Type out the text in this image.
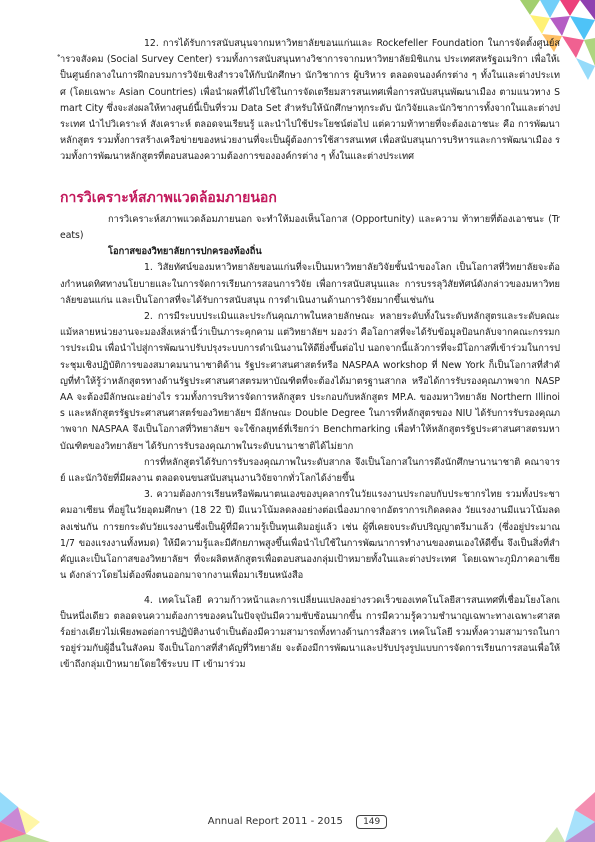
12. การได้รับการสนับสนุนจากมหาวิทยาลัยขอนแก่นและ Rockefeller Foundation ในการจัดตั้งศูนย์สำรวจสังคม (Social Survey Center) รวมทั้งการสนับสนุนทางวิชาการจากมหาวิทยาลัยมิชิแกน ประเทศสหรัฐอเมริกา เพื่อให้เป็นศูนย์กลางในการฝึกอบรมการวิจัยเชิงสำรวจให้กับนักศึกษา นักวิชาการ ผู้บริหาร ตลอดจนองค์กรต่าง ๆ ทั้งในและต่างประเทศ (โดยเฉพาะ Asian Countries) เพื่อนำผลที่ได้ไปใช้ในการจัดเตรียมสารสนเทศเพื่อการสนับสนุนพัฒนาเมือง ตามแนวทาง Smart City ซึ่งจะส่งผลให้ทางศูนย์นี้เป็นที่รวม Data Set สำหรับให้นักศึกษาทุกระดับ นักวิจัยและนักวิชาการทั้งจากในและต่างประเทศ นำไปวิเคราะห์ สังเคราะห์ ตลอดจนเรียนรู้ และนำไปใช้ประโยชน์ต่อไป แต่ความท้าทายที่จะต้องเอาชนะ คือ การพัฒนาหลักสูตร รวมทั้งการสร้างเครือข่ายของหน่วยงานที่จะเป็นผู้ต้องการใช้สารสนเทศ เพื่อสนับสนุนการบริหารและการพัฒนาเมือง รวมทั้งการพัฒนาหลักสูตรที่ตอบสนองความต้องการขององค์กรต่าง ๆ ทั้งในและต่างประเทศ

การวิเคราะห์สภาพแวดล้อมภายนอก

การวิเคราะห์สภาพแวดล้อมภายนอก จะทำให้มองเห็นโอกาส (Opportunity) และความ ท้าทายที่ต้องเอาชนะ (Treats)

โอกาสของวิทยาลัยการปกครองท้องถิ่น

1. วิสัยทัศน์ของมหาวิทยาลัยขอนแก่นที่จะเป็นมหาวิทยาลัยวิจัยชั้นนำของโลก เป็นโอกาสที่วิทยาลัยจะต้องกำหนดทิศทางนโยบายและในการจัดการเรียนการสอนการวิจัย เพื่อการสนับสนุนและ การบรรลุวิสัยทัศน์ดังกล่าวของมหาวิทยาลัยขอนแก่น และเป็นโอกาสที่จะได้รับการสนับสนุน การดำเนินงานด้านการวิจัยมากขึ้นเช่นกัน

2. การมีระบบประเมินและประกันคุณภาพในหลายลักษณะ หลายระดับทั้งในระดับหลักสูตรและระดับคณะ แม้หลายหน่วยงานจะมองสิ่งเหล่านี้ว่าเป็นภาระคุกคาม แต่วิทยาลัยฯ มองว่า คือโอกาสที่จะได้รับข้อมูลป้อนกลับจากคณะกรรมการประเมิน เพื่อนำไปสู่การพัฒนาปรับปรุงระบบการดำเนินงานให้ดียิ่งขึ้นต่อไป นอกจากนี้แล้วการที่จะมีโอกาสที่เข้าร่วมในการประชุมเชิงปฏิบัติการของสมาคมนานาชาติด้าน รัฐประศาสนศาสตร์หรือ NASPAA workshop ที่ New York ก็เป็นโอกาสที่สำคัญที่ทำให้รู้ว่าหลักสูตรทางด้านรัฐประศาสนศาสตรมหาบัณฑิตที่จะต้องได้มาตรฐานสากล หรือได้การรับรองคุณภาพจาก NASPAA จะต้องมีลักษณะอย่างไร รวมทั้งการบริหารจัดการหลักสูตร ประกอบกับหลักสูตร MP.A. ของมหาวิทยาลัย Northern Illinois และหลักสูตรรัฐประศาสนศาสตร์ของวิทยาลัยฯ มีลักษณะ Double Degree ในการที่หลักสูตรของ NIU ได้รับการรับรองคุณภาพจาก NASPAA จึงเป็นโอกาสที่วิทยาลัยฯ จะใช้กลยุทธ์ที่เรียกว่า Benchmarking เพื่อทำให้หลักสูตรรัฐประศาสนศาสตรมหาบัณฑิตของวิทยาลัยฯ ได้รับการรับรองคุณภาพในระดับนานาชาติได้ไม่ยาก

การที่หลักสูตรได้รับการรับรองคุณภาพในระดับสากล จึงเป็นโอกาสในการดึงนักศึกษานานาชาติ คณาจารย์ และนักวิจัยที่มีผลงาน ตลอดจนขนสนับสนุนงานวิจัยจากทั่วโลกได้ง่ายขึ้น

3. ความต้องการเรียนหรือพัฒนาตนเองของบุคลากรในวัยแรงงานประกอบกับประชากรไทย รวมทั้งประชาคมอาเซียน ที่อยู่ในวัยอุดมศึกษา (18 22 ปี) มีแนวโน้มลดลงอย่างต่อเนื่องมากจากอัตราการเกิดลดลง วัยแรงงานมีแนวโน้มลดลงเช่นกัน การยกระดับวัยแรงงานซึ่งเป็นผู้ที่มีความรู้เป็นทุนเดิมอยู่แล้ว เช่น ผู้ที่เคยจบระดับปริญญาตรีมาแล้ว (ซึ่งอยู่ประมาณ 1/7 ของแรงงานทั้งหมด) ให้มีความรู้และมีศักยภาพสูงขึ้นเพื่อนำไปใช้ในการพัฒนาการทำงานของตนเองให้ดีขึ้น จึงเป็นสิ่งที่สำคัญและเป็นโอกาสของวิทยาลัยฯ ที่จะผลิตหลักสูตรเพื่อตอบสนองกลุ่มเป้าหมายทั้งในและต่างประเทศ โดยเฉพาะภูมิภาคอาเซียน ดังกล่าวโดยไม่ต้องพึ่งตนออกมาจากงานเพื่อมาเรียนหนังสือ

4. เทคโนโลยี ความก้าวหน้าและการเปลี่ยนแปลงอย่างรวดเร็วของเทคโนโลยีสารสนเทศที่เชื่อมโยงโลกเป็นหนึ่งเดียว ตลอดจนความต้องการของคนในปัจจุบันมีความซับซ้อนมากขึ้น การมีความรู้ความชำนาญเฉพาะทางเฉพาะศาสตร์อย่างเดียวไม่เพียงพอต่อการปฏิบัติงานจำเป็นต้องมีความสามารถทั้งทางด้านการสื่อสาร เทคโนโลยี รวมทั้งความสามารถในการอยู่ร่วมกับผู้อื่นในสังคม จึงเป็นโอกาสที่สำคัญที่วิทยาลัย จะต้องมีการพัฒนาและปรับปรุงรูปแบบการจัดการเรียนการสอนเพื่อให้เข้าถึงกลุ่มเป้าหมายโดยใช้ระบบ IT เข้ามาร่วม

Annual Report 2011 - 2015 149
